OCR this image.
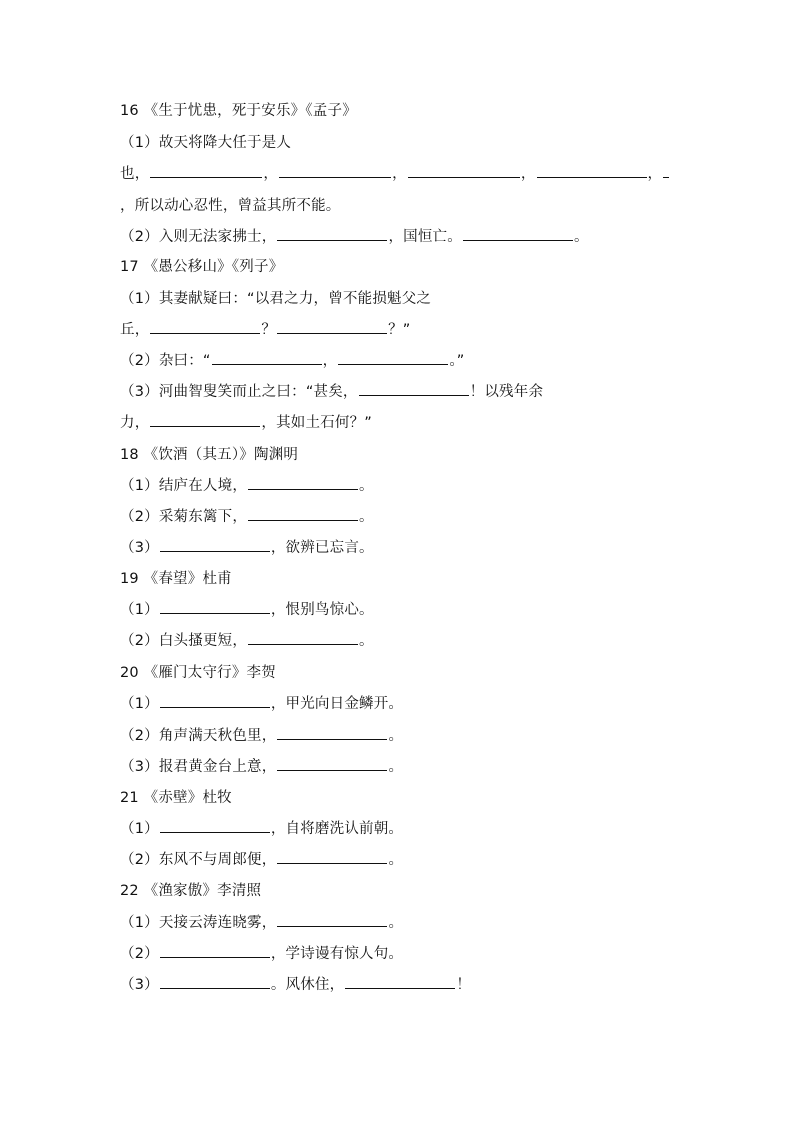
16 《生于忧患，死于安乐》《孟子》
（1）故天将降大任于是人
也，	，	，	，	，
，所以动心忍性，曾益其所不能。
（2）入则无法家拂士，	，国恒亡。	。
17 《愚公移山》《列子》
（1）其妻献疑曰：“以君之力，曾不能损魁父之
丘，	？	？”
（2）杂曰：“	，	。”
（3）河曲智叟笑而止之曰：“甚矣，	！以残年余
力，	，其如土石何？”
18 《饮酒（其五）》陶渊明
（1）结庐在人境，	。
（2）采菊东篱下，	。
（3）	，欲辨已忘言。
19 《春望》杜甫
（1）	，恨别鸟惊心。
（2）白头搔更短，	。
20 《雁门太守行》李贺
（1）	，甲光向日金鳞开。
（2）角声满天秋色里，	。
（3）报君黄金台上意，	。
21 《赤壁》杜牧
（1）	，自将磨洗认前朝。
（2）东风不与周郎便，	。
22 《渔家傲》李清照
（1）天接云涛连晓雾，	。
（2）	，学诗谩有惊人句。
（3）	。风休住，	！
